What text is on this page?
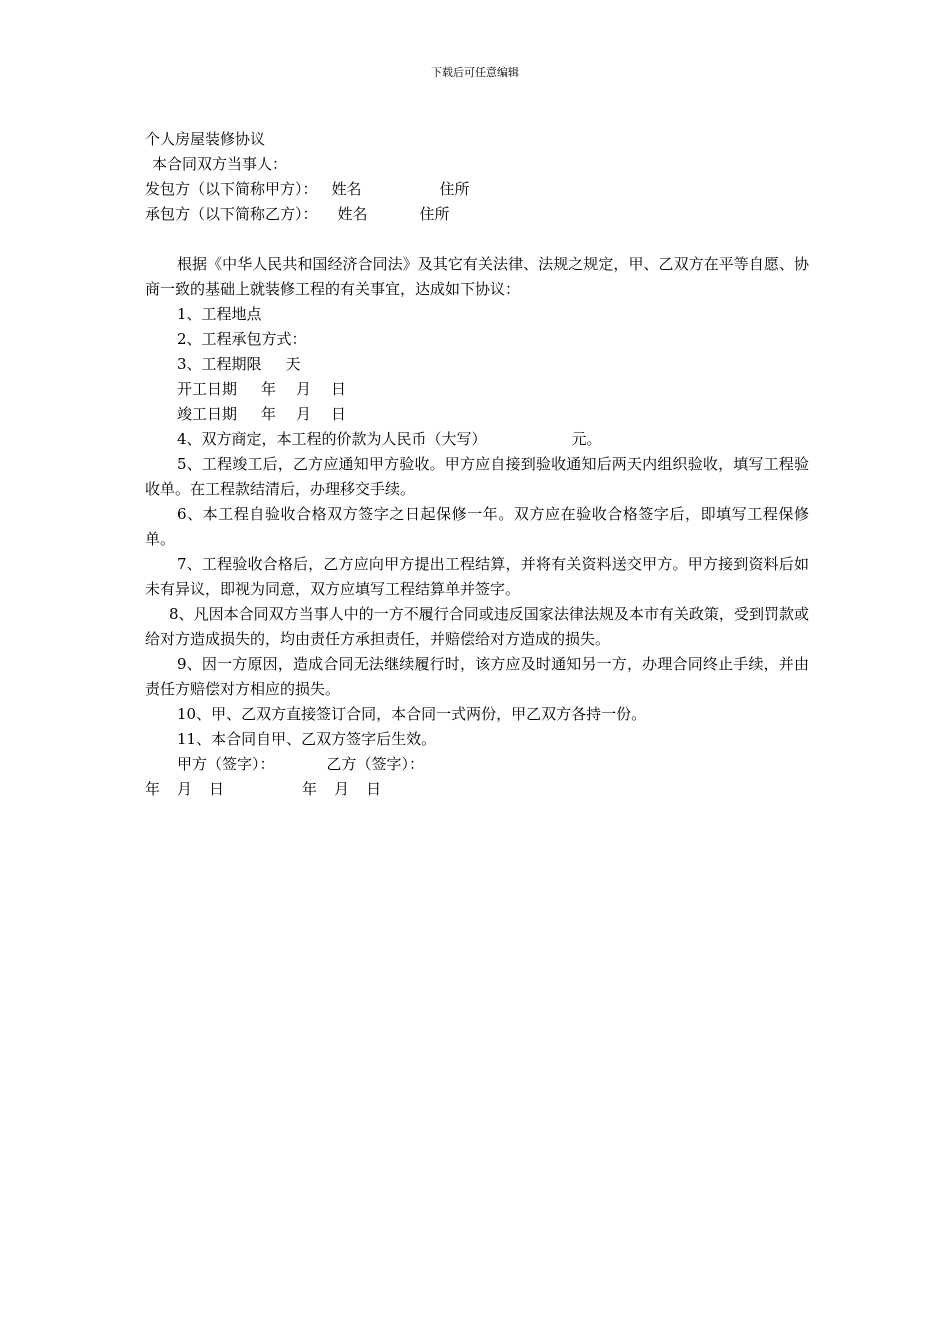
下载后可任意编辑

个人房屋装修协议

本合同双方当事人：

发包方（以下简称甲方）： 姓名	住所

承包方（以下简称乙方）： 姓名	住所

根据《中华人民共和国经济合同法》及其它有关法律、法规之规定，甲、乙双方在平等自愿、协商一致的基础上就装修工程的有关事宜，达成如下协议：

1、工程地点

2、工程承包方式：

3、工程期限 天

开工日期 年 月 日

竣工日期 年 月 日

4、双方商定，本工程的价款为人民币（大写）	元。

5、工程竣工后，乙方应通知甲方验收。甲方应自接到验收通知后两天内组织验收，填写工程验收单。在工程款结清后，办理移交手续。

6、本工程自验收合格双方签字之日起保修一年。双方应在验收合格签字后，即填写工程保修单。

7、工程验收合格后，乙方应向甲方提出工程结算，并将有关资料送交甲方。甲方接到资料后如未有异议，即视为同意，双方应填写工程结算单并签字。

8、凡因本合同双方当事人中的一方不履行合同或违反国家法律法规及本市有关政策，受到罚款或给对方造成损失的，均由责任方承担责任，并赔偿给对方造成的损失。

9、因一方原因，造成合同无法继续履行时，该方应及时通知另一方，办理合同终止手续，并由责任方赔偿对方相应的损失。

10、甲、乙双方直接签订合同，本合同一式两份，甲乙双方各持一份。

11、本合同自甲、乙双方签字后生效。

甲方（签字）：	乙方（签字）：

年 月 日	年 月 日
